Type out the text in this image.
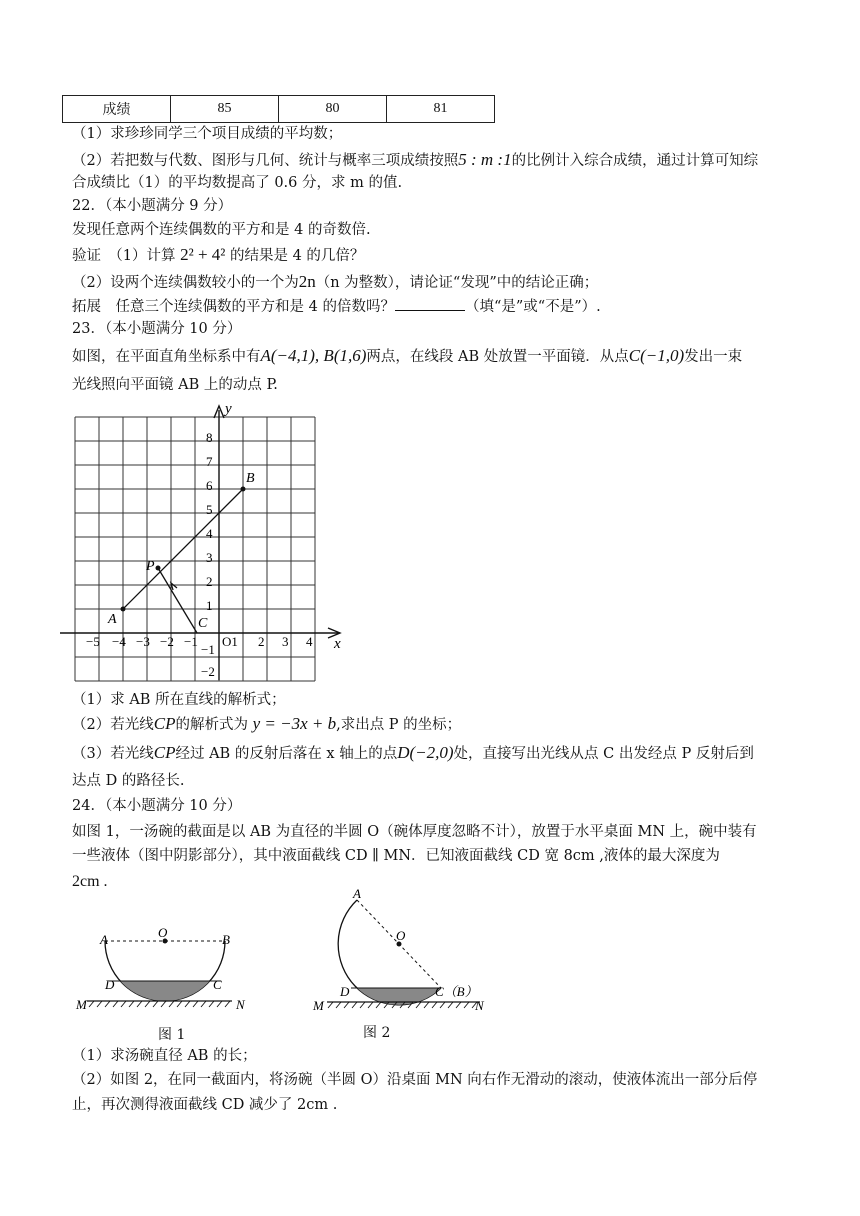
成绩	85	80	81
（1）求珍珍同学三个项目成绩的平均数；
（2）若把数与代数、图形与几何、统计与概率三项成绩按照5 : m :1的比例计入综合成绩，通过计算可知综
合成绩比（1）的平均数提高了 0.6 分，求 m 的值.
22．（本小题满分 9 分）
发现任意两个连续偶数的平方和是 4 的奇数倍.
验证　（1）计算 2² + 4² 的结果是 4 的几倍？
（2）设两个连续偶数较小的一个为2n（n 为整数），请论证“发现”中的结论正确；
拓展　任意三个连续偶数的平方和是 4 的倍数吗？	（填“是”或“不是”）.
23．（本小题满分 10 分）
如图，在平面直角坐标系中有A(−4,1), B(1,6)两点，在线段 AB 处放置一平面镜．从点C(−1,0)发出一束
光线照向平面镜 AB 上的动点 P.
y
x
8
7
6
5
4
3
2
1
−1
−2
−5 −4 −3 −2 −1 O1 2 3 4
A
B
P
C
（1）求 AB 所在直线的解析式；
（2）若光线CP的解析式为 y = −3x + b,求出点 P 的坐标；
（3）若光线CP经过 AB 的反射后落在 x 轴上的点D(−2,0)处，直接写出光线从点 C 出发经点 P 反射后到
达点 D 的路径长.
24．（本小题满分 10 分）
如图 1，一汤碗的截面是以 AB 为直径的半圆 O（碗体厚度忽略不计），放置于水平桌面 MN 上，碗中装有
一些液体（图中阴影部分），其中液面截线 CD ∥ MN．已知液面截线 CD 宽 8cm ,液体的最大深度为
2cm .
A	O	B
D	C
M	N
图 1
A
O
D	C（B）
M	N
图 2
（1）求汤碗直径 AB 的长；
（2）如图 2，在同一截面内，将汤碗（半圆 O）沿桌面 MN 向右作无滑动的滚动，使液体流出一部分后停
止，再次测得液面截线 CD 减少了 2cm .
